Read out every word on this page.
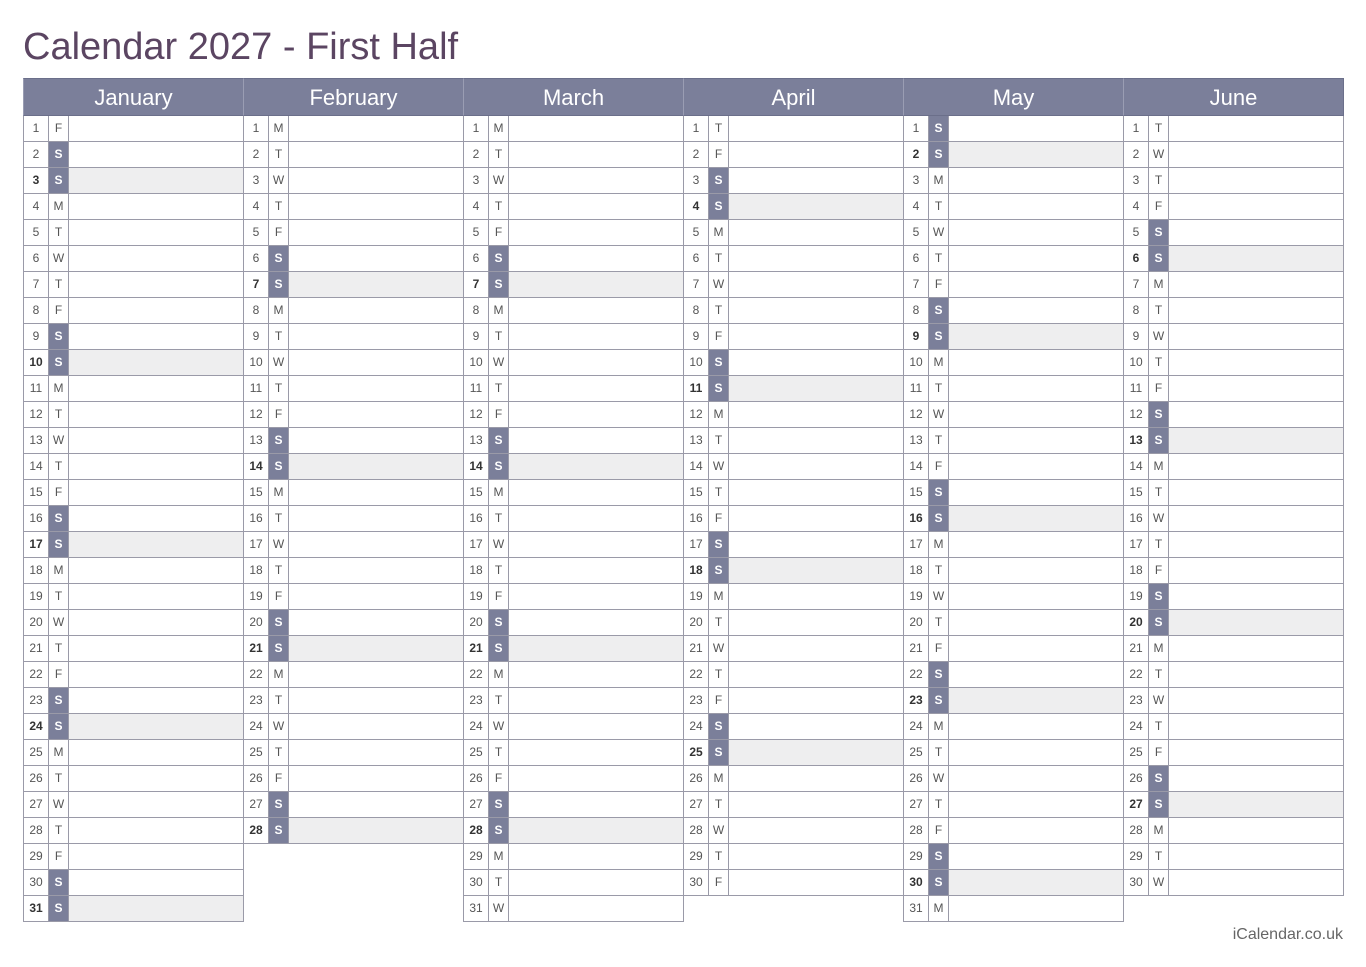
Calendar 2027 - First Half
January
1	F
2	S
3	S
4	M
5	T
6	W
7	T
8	F
9	S
10 S
11 M
12	T
13 W
14	T
15	F
16 S
17 S
18 M
19	T
20 W
21	T
22	F
23 S
24 S
25 M
26	T
27 W
28	T
29	F
30 S
31 S
February
1	M
2	T
3	W
4	T
5	F
6	S
7	S
8	M
9	T
10 W
11	T
12	F
13 S
14 S
15 M
16	T
17 W
18	T
19	F
20 S
21 S
22 M
23	T
24 W
25	T
26	F
27 S
28 S
March
1	M
2	T
3	W
4	T
5	F
6	S
7	S
8	M
9	T
10 W
11	T
12	F
13 S
14 S
15 M
16	T
17 W
18	T
19	F
20 S
21 S
22 M
23	T
24 W
25	T
26	F
27 S
28 S
29 M
30	T
31 W
April
1	T
2	F
3	S
4	S
5	M
6	T
7	W
8	T
9	F
10 S
11	S
12 M
13	T
14 W
15	T
16	F
17 S
18 S
19 M
20	T
21 W
22	T
23	F
24 S
25 S
26 M
27	T
28 W
29	T
30	F
May
1	S
2	S
3	M
4	T
5	W
6	T
7	F
8	S
9	S
10 M
11	T
12 W
13	T
14	F
15 S
16 S
17 M
18	T
19 W
20	T
21	F
22 S
23 S
24 M
25	T
26 W
27	T
28	F
29 S
30 S
31 M
June
1	T
2	W
3	T
4	F
5	S
6	S
7	M
8	T
9	W
10	T
11	F
12 S
13 S
14 M
15	T
16 W
17	T
18	F
19 S
20 S
21 M
22	T
23 W
24	T
25	F
26 S
27 S
28 M
29	T
30 W
iCalendar.co.uk
